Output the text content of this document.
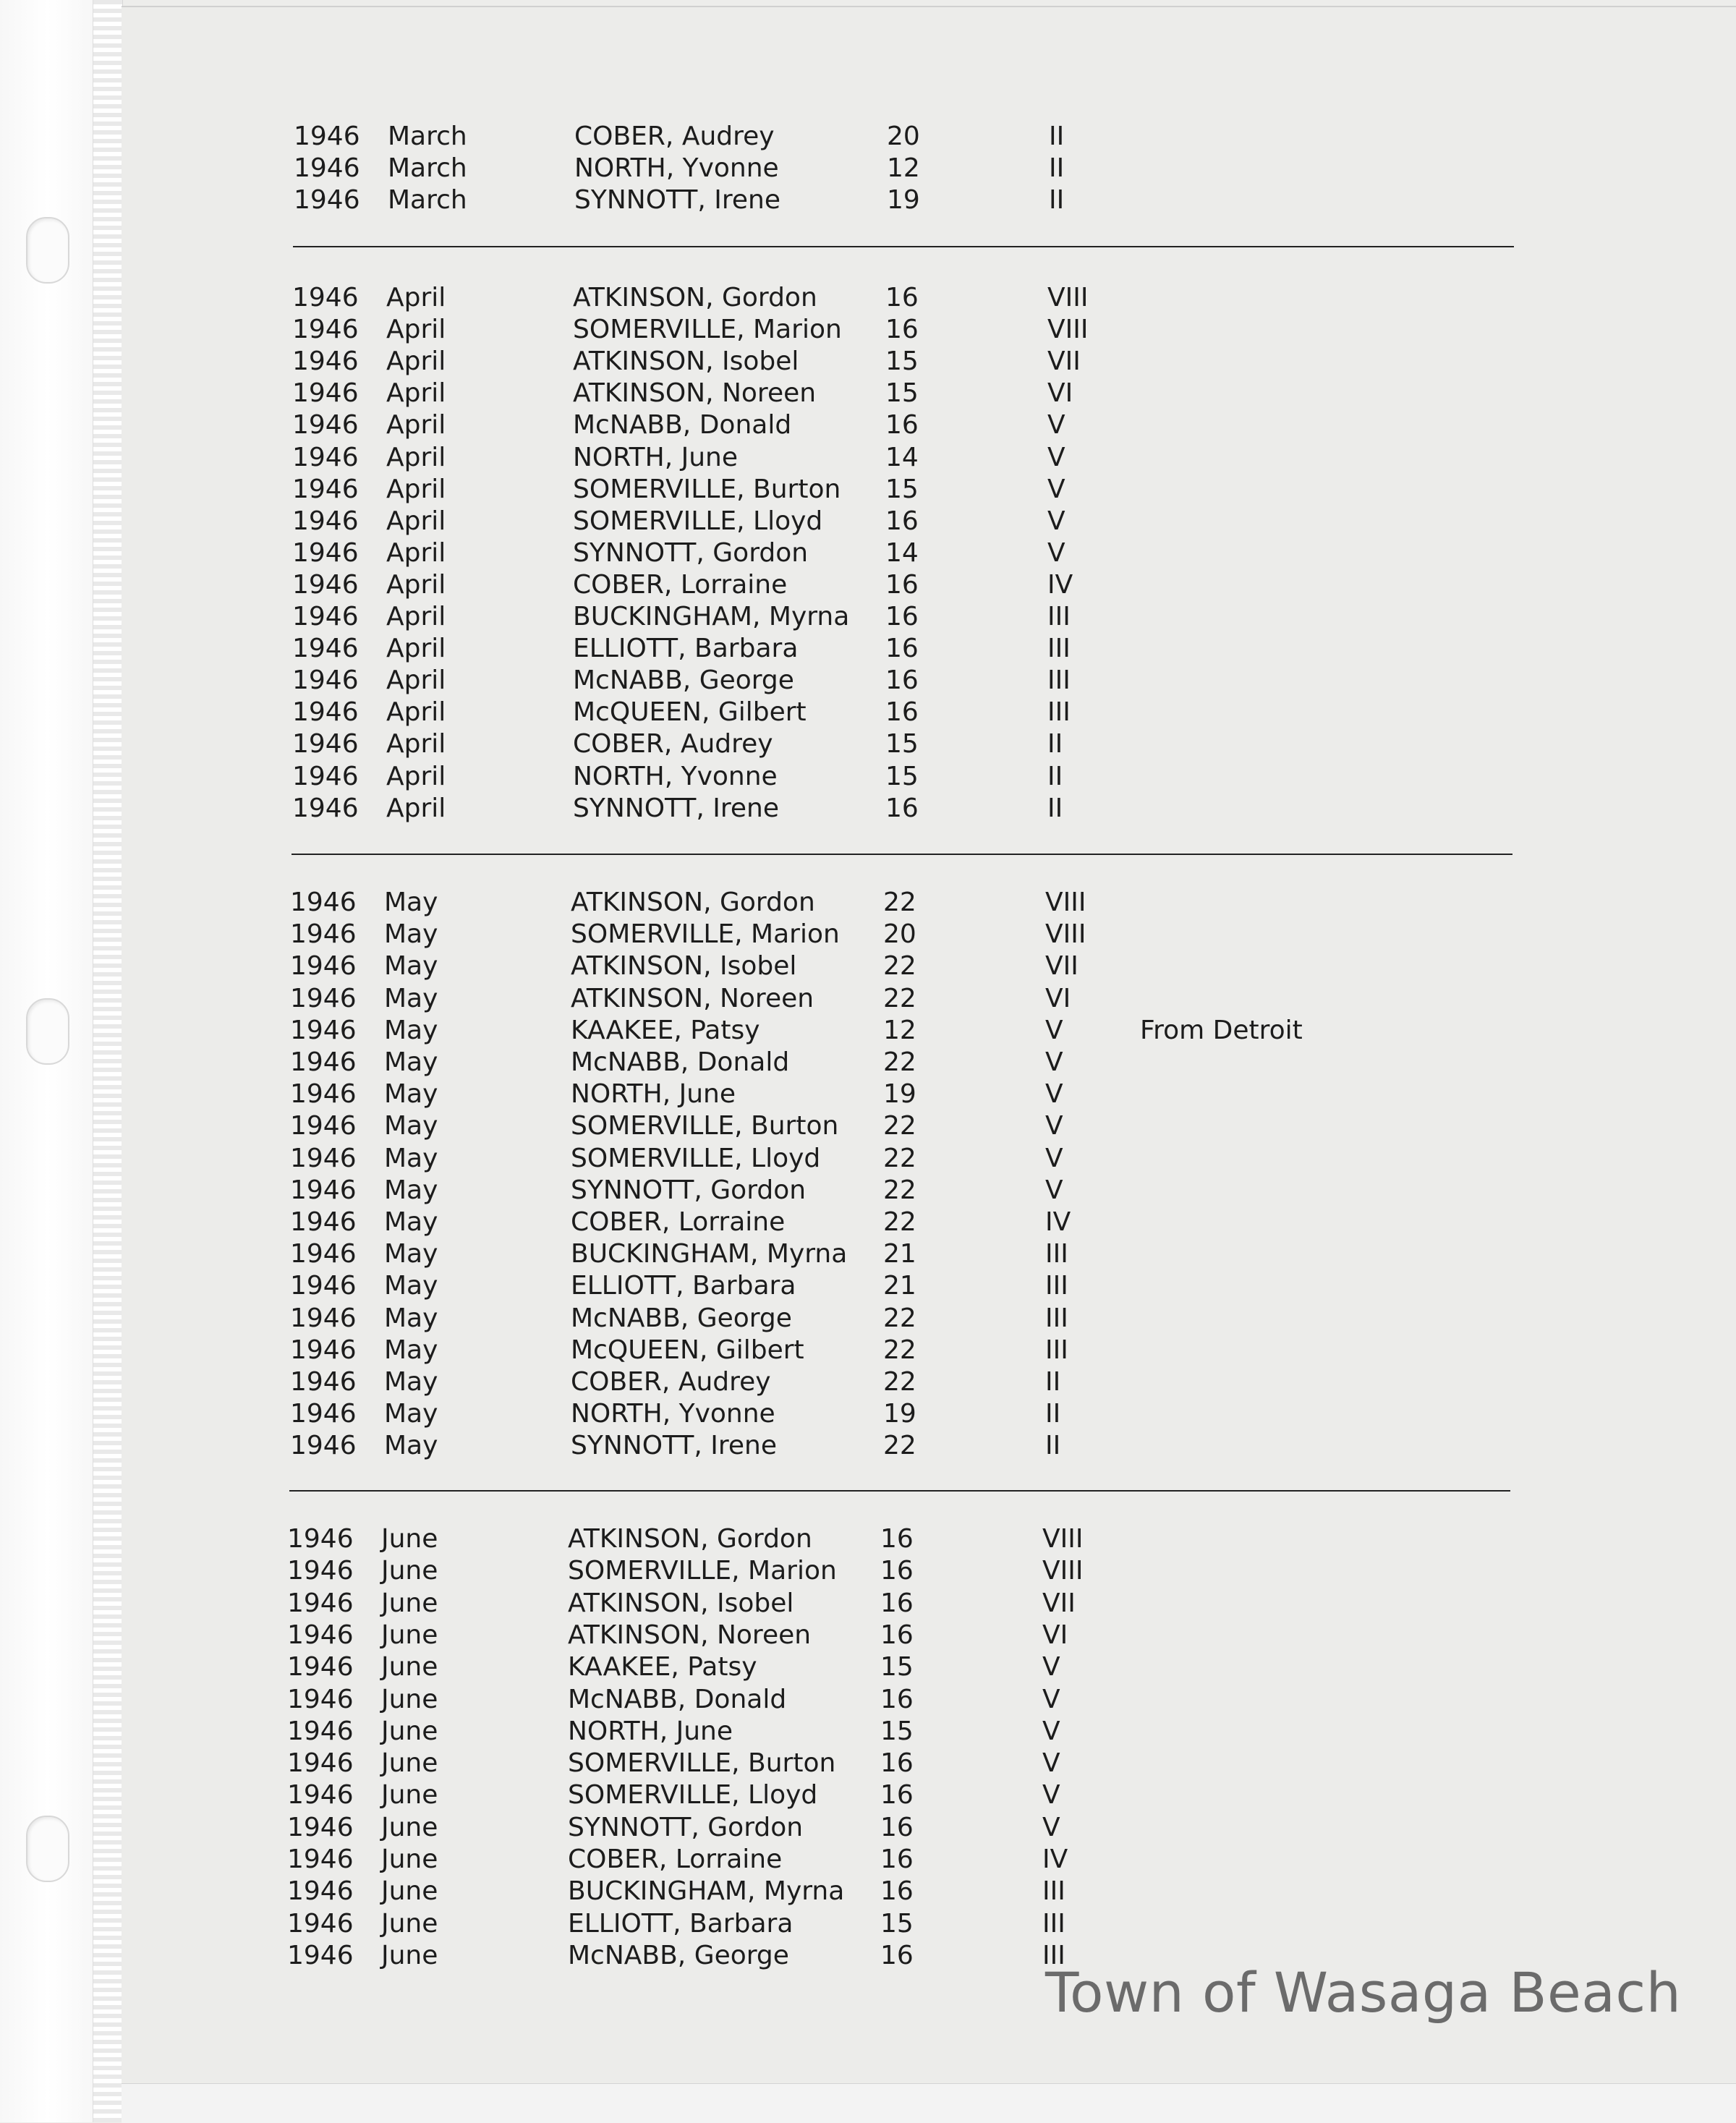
1946 March	COBER, Audrey	20	II
1946 March	NORTH, Yvonne	12	II
1946 March	SYNNOTT, Irene	19	II
1946 April	ATKINSON, Gordon	16	VIII
1946 April	SOMERVILLE, Marion 16	VIII
1946 April	ATKINSON, Isobel	15	VII
1946 April	ATKINSON, Noreen	15	VI
1946 April	McNABB, Donald	16	V
1946 April	NORTH, June	14	V
1946 April	SOMERVILLE, Burton 15	V
1946 April	SOMERVILLE, Lloyd 16	V
1946 April	SYNNOTT, Gordon	14	V
1946 April	COBER, Lorraine	16	IV
1946 April	BUCKINGHAM, Myrna 16	III
1946 April	ELLIOTT, Barbara	16	III
1946 April	McNABB, George	16	III
1946 April	McQUEEN, Gilbert	16	III
1946 April	COBER, Audrey	15	II
1946 April	NORTH, Yvonne	15	II
1946 April	SYNNOTT, Irene	16	II
1946 May	ATKINSON, Gordon	22	VIII
1946 May	SOMERVILLE, Marion 20	VIII
1946 May	ATKINSON, Isobel	22	VII
1946 May	ATKINSON, Noreen	22	VI
1946 May	KAAKEE, Patsy	12	V	From Detroit
1946 May	McNABB, Donald	22	V
1946 May	NORTH, June	19	V
1946 May	SOMERVILLE, Burton 22	V
1946 May	SOMERVILLE, Lloyd 22	V
1946 May	SYNNOTT, Gordon	22	V
1946 May	COBER, Lorraine	22	IV
1946 May	BUCKINGHAM, Myrna 21	III
1946 May	ELLIOTT, Barbara	21	III
1946 May	McNABB, George	22	III
1946 May	McQUEEN, Gilbert	22	III
1946 May	COBER, Audrey	22	II
1946 May	NORTH, Yvonne	19	II
1946 May	SYNNOTT, Irene	22	II
1946 June	ATKINSON, Gordon	16	VIII
1946 June	SOMERVILLE, Marion 16	VIII
1946 June	ATKINSON, Isobel	16	VII
1946 June	ATKINSON, Noreen	16	VI
1946 June	KAAKEE, Patsy	15	V
1946 June	McNABB, Donald	16	V
1946 June	NORTH, June	15	V
1946 June	SOMERVILLE, Burton 16	V
1946 June	SOMERVILLE, Lloyd 16	V
1946 June	SYNNOTT, Gordon	16	V
1946 June	COBER, Lorraine	16	IV
1946 June	BUCKINGHAM, Myrna 16	III
1946 June	ELLIOTT, Barbara	15	III
1946 June	McNABB, George	16	III
Town of Wasaga Beach
